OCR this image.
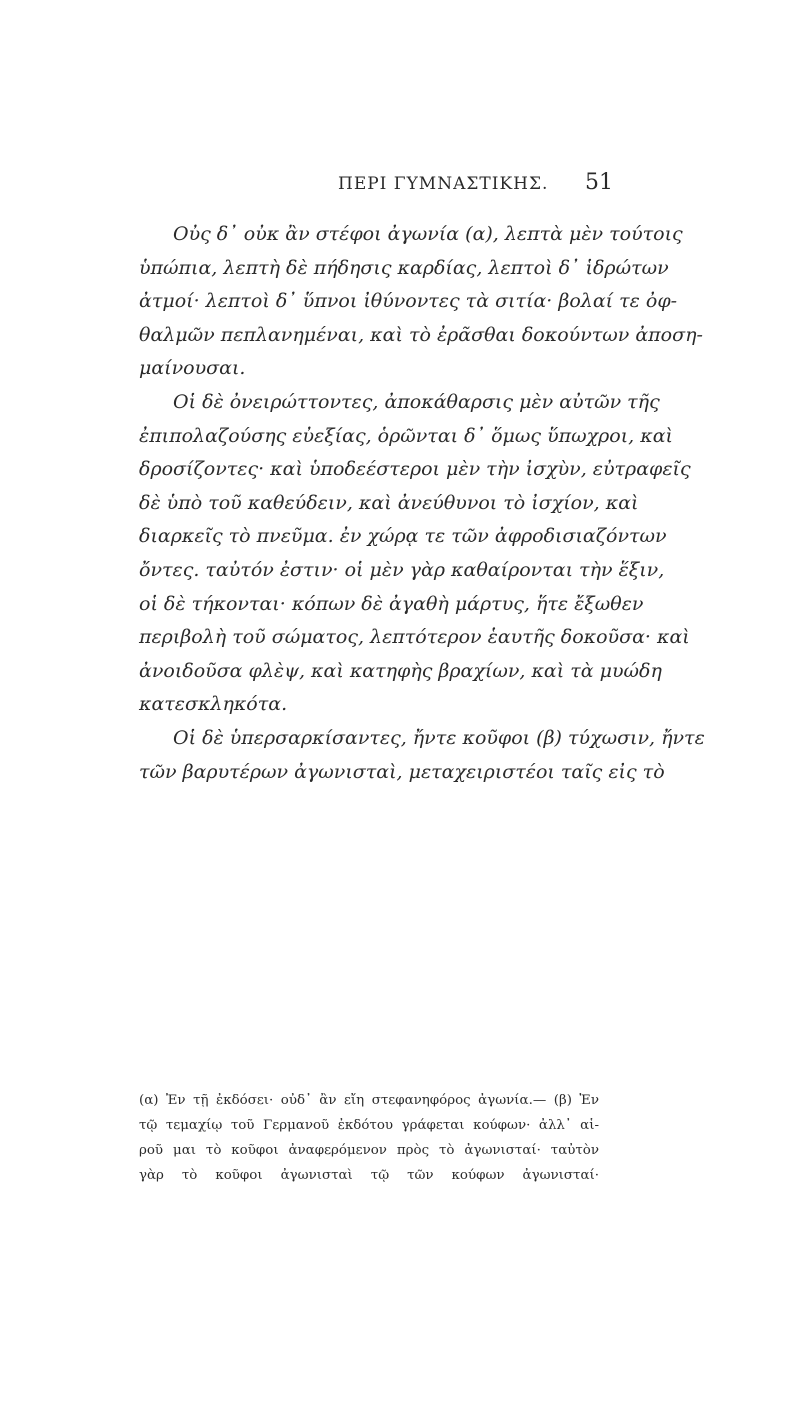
ΠΕΡΙ ΓΥΜΝΑΣΤΙΚΗΣ. 51
Οὐς δ᾽ οὐκ ἂν στέφοι ἀγωνία (α), λεπτὰ μὲν τούτοις
ὑπώπια, λεπτὴ δὲ πήδησις καρδίας, λεπτοὶ δ᾽ ἱδρώτων
ἀτμοί· λεπτοὶ δ᾽ ὕπνοι ἰθύνοντες τὰ σιτία· βολαί τε ὀφ-
θαλμῶν πεπλανημέναι, καὶ τὸ ἐρᾶσθαι δοκούντων ἀποση-
μαίνουσαι.
Οἱ δὲ ὀνειρώττοντες, ἀποκάθαρσις μὲν αὐτῶν τῆς
ἐπιπολαζούσης εὐεξίας, ὁρῶνται δ᾽ ὅμως ὕπωχροι, καὶ
δροσίζοντες· καὶ ὑποδεέστεροι μὲν τὴν ἰσχὺν, εὐτραφεῖς
δὲ ὑπὸ τοῦ καθεύδειν, καὶ ἀνεύθυνοι τὸ ἰσχίον, καὶ
διαρκεῖς τὸ πνεῦμα. ἐν χώρᾳ τε τῶν ἀφροδισιαζόντων
ὄντες. ταὐτόν ἐστιν· οἱ μὲν γὰρ καθαίρονται τὴν ἕξιν,
οἱ δὲ τήκονται· κόπων δὲ ἀγαθὴ μάρτυς, ἥτε ἔξωθεν
περιβολὴ τοῦ σώματος, λεπτότερον ἑαυτῆς δοκοῦσα· καὶ
ἀνοιδοῦσα φλὲψ, καὶ κατηφὴς βραχίων, καὶ τὰ μυώδη
κατεσκληκότα.
Οἱ δὲ ὑπερσαρκίσαντες, ἤντε κοῦφοι (β) τύχωσιν, ἤντε
τῶν βαρυτέρων ἀγωνισταὶ, μεταχειριστέοι ταῖς εἰς τὸ
(α) Ἐν τῇ ἐκδόσει· οὐδ᾽ ἂν εἴη στεφανηφόρος ἀγωνία.— (β) Ἐν
τῷ τεμαχίῳ τοῦ Γερμανοῦ ἐκδότου γράφεται κούφων· ἀλλ᾽ αἱ-
ροῦ μαι τὸ κοῦφοι ἀναφερόμενον πρὸς τὸ ἀγωνισταί· ταὐτὸν
γὰρ τὸ κοῦφοι ἀγωνισταὶ τῷ τῶν κούφων ἀγωνισταί·
